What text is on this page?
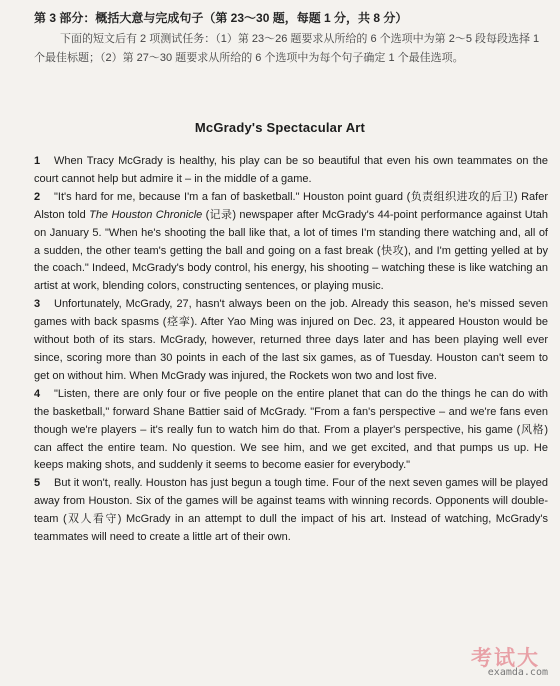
第 3 部分：概括大意与完成句子（第 23～30 题，每题 1 分，共 8 分）
下面的短文后有 2 项测试任务：（1）第 23～26 题要求从所给的 6 个选项中为第 2～5 段每段选择 1 个最佳标题；（2）第 27～30 题要求从所给的 6 个选项中为每个句子确定 1 个最佳选项。
McGrady's Spectacular Art

1 When Tracy McGrady is healthy, his play can be so beautiful that even his own teammates on the court cannot help but admire it – in the middle of a game.

2 "It's hard for me, because I'm a fan of basketball." Houston point guard (负责组织进攻的后卫) Rafer Alston told The Houston Chronicle (记录) newspaper after McGrady's 44-point performance against Utah on January 5. "When he's shooting the ball like that, a lot of times I'm standing there watching and, all of a sudden, the other team's getting the ball and going on a fast break (快攻), and I'm getting yelled at by the coach." Indeed, McGrady's body control, his energy, his shooting – watching these is like watching an artist at work, blending colors, constructing sentences, or playing music.

3 Unfortunately, McGrady, 27, hasn't always been on the job. Already this season, he's missed seven games with back spasms (痉挛). After Yao Ming was injured on Dec. 23, it appeared Houston would be without both of its stars. McGrady, however, returned three days later and has been playing well ever since, scoring more than 30 points in each of the last six games, as of Tuesday. Houston can't seem to get on without him. When McGrady was injured, the Rockets won two and lost five.

4 "Listen, there are only four or five people on the entire planet that can do the things he can do with the basketball," forward Shane Battier said of McGrady. "From a fan's perspective – and we're fans even though we're players – it's really fun to watch him do that. From a player's perspective, his game (风格) can affect the entire team. No question. We see him, and we get excited, and that pumps us up. He keeps making shots, and suddenly it seems to become easier for everybody."

5 But it won't, really. Houston has just begun a tough time. Four of the next seven games will be played away from Houston. Six of the games will be against teams with winning records. Opponents will double-team (双人看守) McGrady in an attempt to dull the impact of his art. Instead of watching, McGrady's teammates will need to create a little art of their own.

考试大
examda.com
